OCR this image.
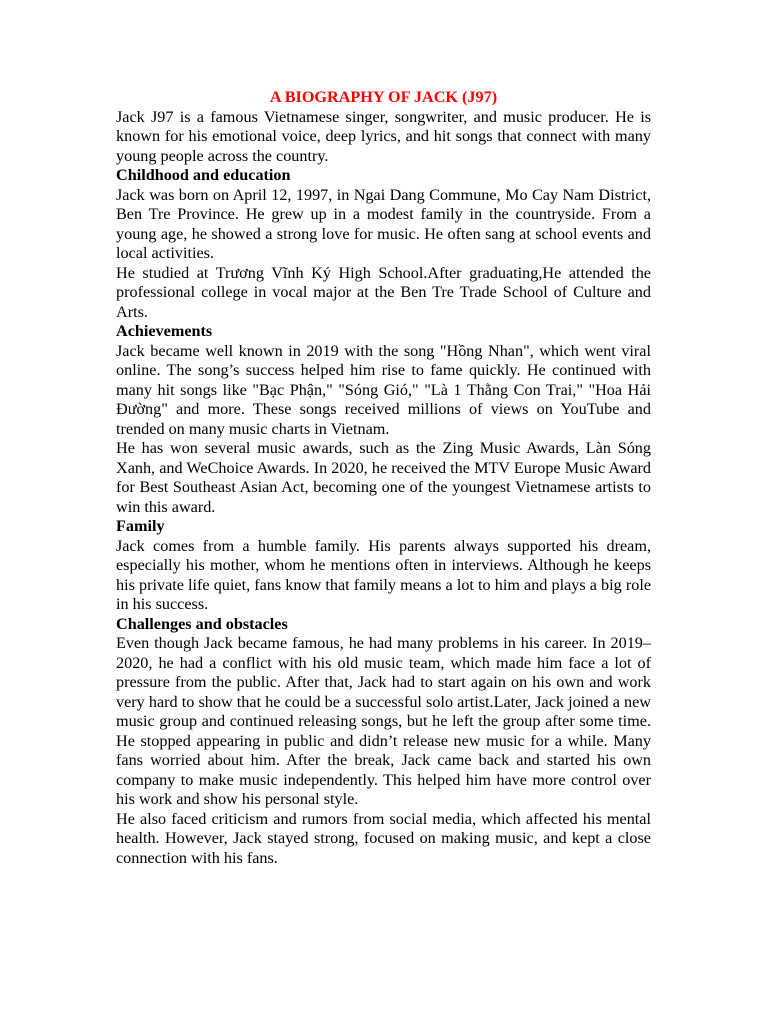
A BIOGRAPHY OF JACK (J97)

Jack J97 is a famous Vietnamese singer, songwriter, and music producer. He is known for his emotional voice, deep lyrics, and hit songs that connect with many young people across the country.

Childhood and education

Jack was born on April 12, 1997, in Ngai Dang Commune, Mo Cay Nam District, Ben Tre Province. He grew up in a modest family in the countryside. From a young age, he showed a strong love for music. He often sang at school events and local activities.

He studied at Trương Vĩnh Ký High School.After graduating,He attended the professional college in vocal major at the Ben Tre Trade School of Culture and Arts.

Achievements

Jack became well known in 2019 with the song "Hồng Nhan", which went viral online. The song’s success helped him rise to fame quickly. He continued with many hit songs like "Bạc Phận," "Sóng Gió," "Là 1 Thằng Con Trai," "Hoa Hải Đường" and more. These songs received millions of views on YouTube and trended on many music charts in Vietnam.

He has won several music awards, such as the Zing Music Awards, Làn Sóng Xanh, and WeChoice Awards. In 2020, he received the MTV Europe Music Award for Best Southeast Asian Act, becoming one of the youngest Vietnamese artists to win this award.

Family

Jack comes from a humble family. His parents always supported his dream, especially his mother, whom he mentions often in interviews. Although he keeps his private life quiet, fans know that family means a lot to him and plays a big role in his success.

Challenges and obstacles

Even though Jack became famous, he had many problems in his career. In 2019–2020, he had a conflict with his old music team, which made him face a lot of pressure from the public. After that, Jack had to start again on his own and work very hard to show that he could be a successful solo artist.Later, Jack joined a new music group and continued releasing songs, but he left the group after some time. He stopped appearing in public and didn’t release new music for a while. Many fans worried about him. After the break, Jack came back and started his own company to make music independently. This helped him have more control over his work and show his personal style.

He also faced criticism and rumors from social media, which affected his mental health. However, Jack stayed strong, focused on making music, and kept a close connection with his fans.
